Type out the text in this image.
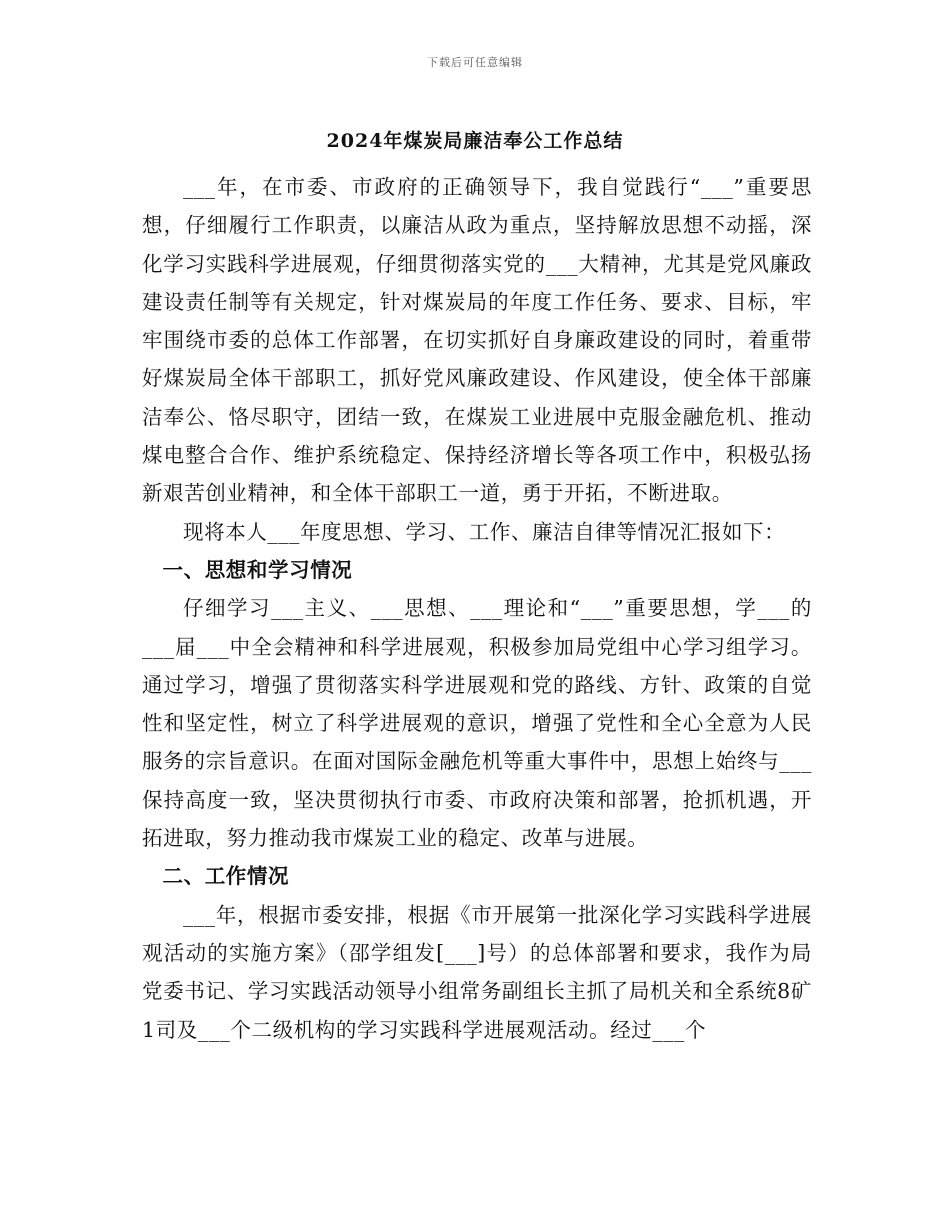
下载后可任意编辑
2024年煤炭局廉洁奉公工作总结

___年，在市委、市政府的正确领导下，我自觉践行“___”重要思想，仔细履行工作职责，以廉洁从政为重点，坚持解放思想不动摇，深化学习实践科学进展观，仔细贯彻落实党的___大精神，尤其是党风廉政建设责任制等有关规定，针对煤炭局的年度工作任务、要求、目标，牢牢围绕市委的总体工作部署，在切实抓好自身廉政建设的同时，着重带好煤炭局全体干部职工，抓好党风廉政建设、作风建设，使全体干部廉洁奉公、恪尽职守，团结一致，在煤炭工业进展中克服金融危机、推动煤电整合合作、维护系统稳定、保持经济增长等各项工作中，积极弘扬新艰苦创业精神，和全体干部职工一道，勇于开拓，不断进取。

现将本人___年度思想、学习、工作、廉洁自律等情况汇报如下：

一、思想和学习情况

仔细学习___主义、___思想、___理论和“___”重要思想，学___的___届___中全会精神和科学进展观，积极参加局党组中心学习组学习。通过学习，增强了贯彻落实科学进展观和党的路线、方针、政策的自觉性和坚定性，树立了科学进展观的意识，增强了党性和全心全意为人民服务的宗旨意识。在面对国际金融危机等重大事件中，思想上始终与___保持高度一致，坚决贯彻执行市委、市政府决策和部署，抢抓机遇，开拓进取，努力推动我市煤炭工业的稳定、改革与进展。

二、工作情况

___年，根据市委安排，根据《市开展第一批深化学习实践科学进展观活动的实施方案》（邵学组发[___]号）的总体部署和要求，我作为局党委书记、学习实践活动领导小组常务副组长主抓了局机关和全系统8矿1司及___个二级机构的学习实践科学进展观活动。经过___个
